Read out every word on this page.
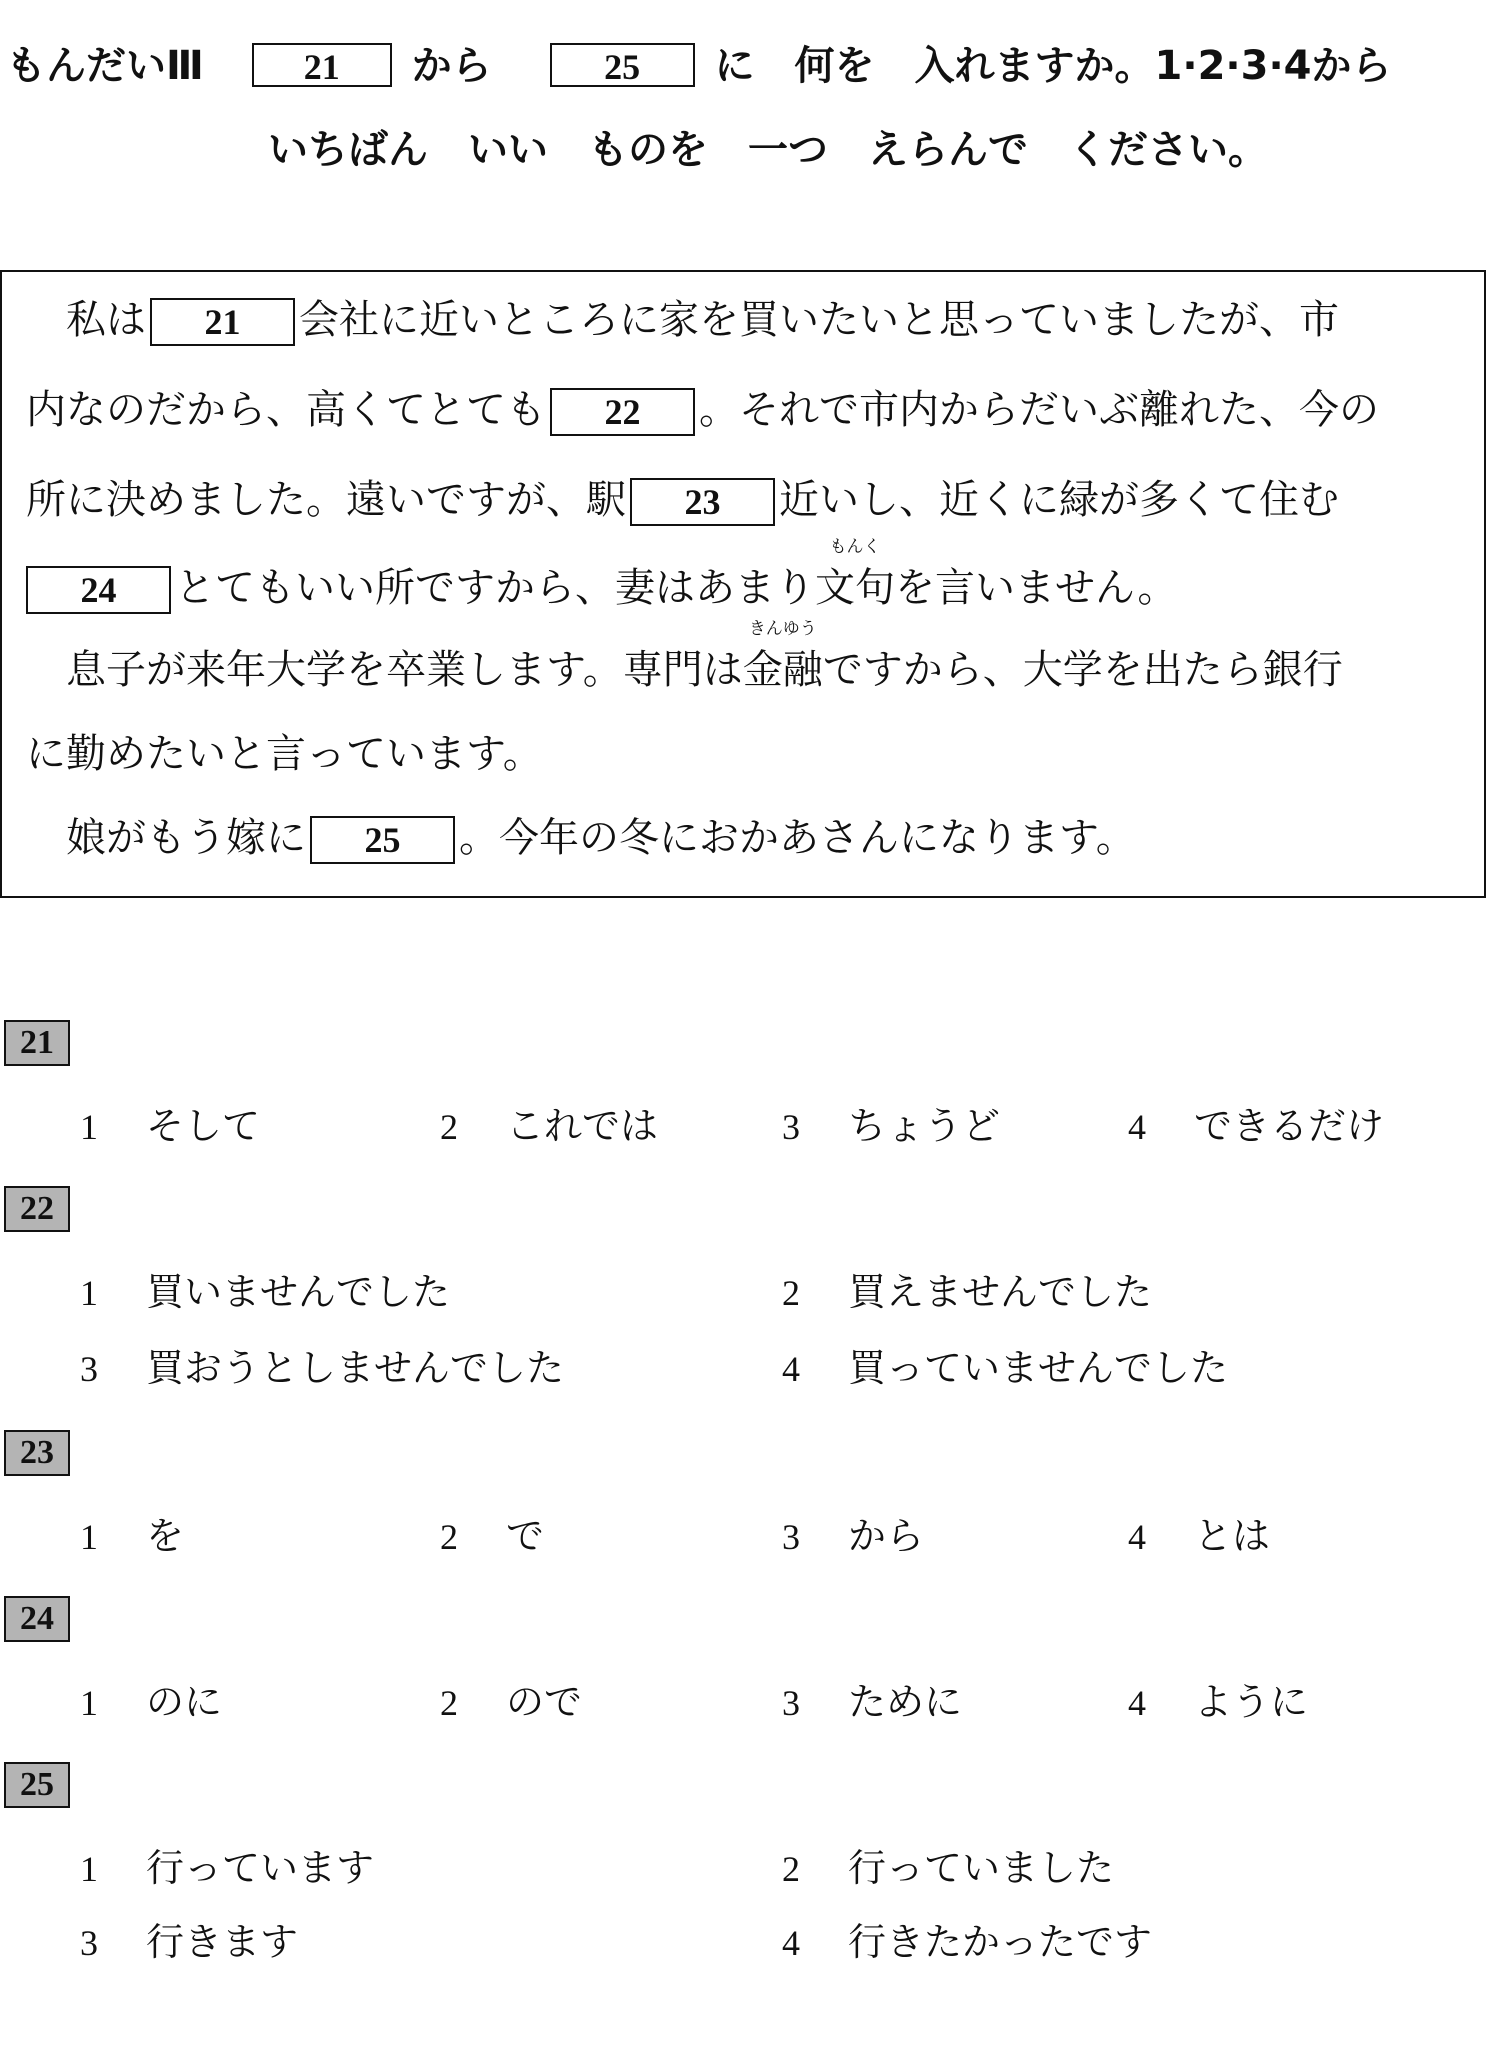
もんだいⅢ	21 から	25 に　何を　入れますか。1·2·3·4から
いちばん　いい　ものを　一つ　えらんで　ください。
私は 21 会社に近いところに家を買いたいと思っていましたが、市
内なのだから、高くてとても 22 。それで市内からだいぶ離れた、今の
所に決めました。遠いですが、駅 23 近いし、近くに緑が多くて住む
24 とてもいい所ですから、妻はあまり
もんく
文句を言いません。
息子が来年大学を卒業します。専門は
きんゆう
金融ですから、大学を出たら銀行
に勤めたいと言っています。
娘がもう嫁に 25 。今年の冬におかあさんになります。
21
1 そして	2 これでは	3 ちょうど	4 できるだけ
22
1 買いませんでした	2 買えませんでした
3 買おうとしませんでした	4 買っていませんでした
23
1 を	2 で	3 から	4 とは
24
1 のに	2 ので	3 ために	4 ように
25
1 行っています	2 行っていました
3 行きます	4 行きたかったです
